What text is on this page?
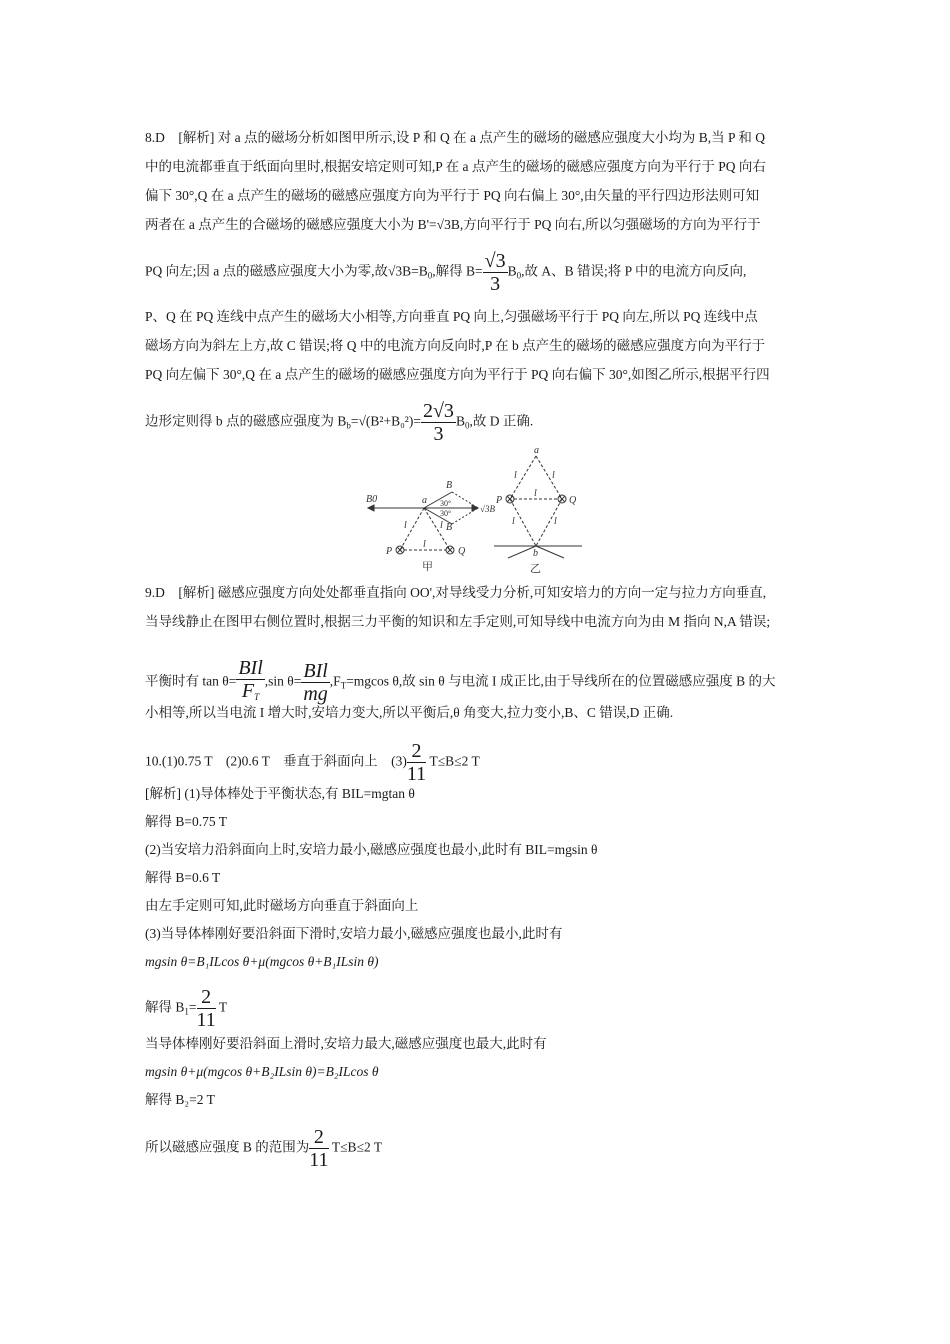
8.D　[解析] 对 a 点的磁场分析如图甲所示,设 P 和 Q 在 a 点产生的磁场的磁感应强度大小均为 B,当 P 和 Q
中的电流都垂直于纸面向里时,根据安培定则可知,P 在 a 点产生的磁场的磁感应强度方向为平行于 PQ 向右
偏下 30°,Q 在 a 点产生的磁场的磁感应强度方向为平行于 PQ 向右偏上 30°,由矢量的平行四边形法则可知
两者在 a 点产生的合磁场的磁感应强度大小为 B'=√3B,方向平行于 PQ 向右,所以匀强磁场的方向为平行于
PQ 向左;因 a 点的磁感应强度大小为零,故$√3B=B_0$,解得 $B= \frac{√3}{3} B_0$,故 A、B 错误;将 P 中的电流方向反向,
P、Q 在 PQ 连线中点产生的磁场大小相等,方向垂直 PQ 向上,匀强磁场平行于 PQ 向左,所以 PQ 连线中点
磁场方向为斜左上方,故 C 错误;将 Q 中的电流方向反向时,P 在 b 点产生的磁场的磁感应强度方向为平行于
PQ 向左偏下 30°,Q 在 a 点产生的磁场的磁感应强度方向为平行于 PQ 向右偏下 30°,如图乙所示,根据平行四
边形定则得 b 点的磁感应强度为 $B_b=√(B^2+B_0^2)= \frac{2√3}{3} B_0$,故 D 正确.
B0	a
B
B
√3B
l	l
l
P	Q
30°
30°
甲
a
l	l
l
l	l
P	Q
b
乙
9.D　[解析] 磁感应强度方向处处都垂直指向 OO',对导线受力分析,可知安培力的方向一定与拉力方向垂直,
当导线静止在图甲右侧位置时,根据三力平衡的知识和左手定则,可知导线中电流方向为由 M 指向 N,A 错误;
平衡时有 $\tan \theta= \frac{\text{BIl}}{F_T} ,\sin$ $\theta= \frac{\text{BIl}}{mg} ,F_T=mgcos$ θ,故 sin θ 与电流 I 成正比,由于导线所在的位置磁感应强度 B 的大
小相等,所以当电流 I 增大时,安培力变大,所以平衡后,θ 角变大,拉力变小,B、C 错误,D 正确.
10.(1)0.75 T　(2)0.6 T　垂直于斜面向上　$(3) \frac{2}{11} T\le B\le 2$ T
[解析] (1)导体棒处于平衡状态,有 BIL=mgtan θ
解得 B=0.75 T
(2)当安培力沿斜面向上时,安培力最小,磁感应强度也最小,此时有 BIL=mgsin θ
解得 B=0.6 T
由左手定则可知,此时磁场方向垂直于斜面向上
(3)当导体棒刚好要沿斜面下滑时,安培力最小,磁感应强度也最小,此时有
mgsin θ=B₁ILcos θ+μ(mgcos θ+B₁ILsin θ)
解得 $B_1= \frac{2}{11}$ T
当导体棒刚好要沿斜面上滑时,安培力最大,磁感应强度也最大,此时有
mgsin θ+μ(mgcos θ+B₂ILsin θ)=B₂ILcos θ
解得 B₂=2 T
所以磁感应强度 B 的范围为 $\frac{2}{11} T\le B\le 2$ T
